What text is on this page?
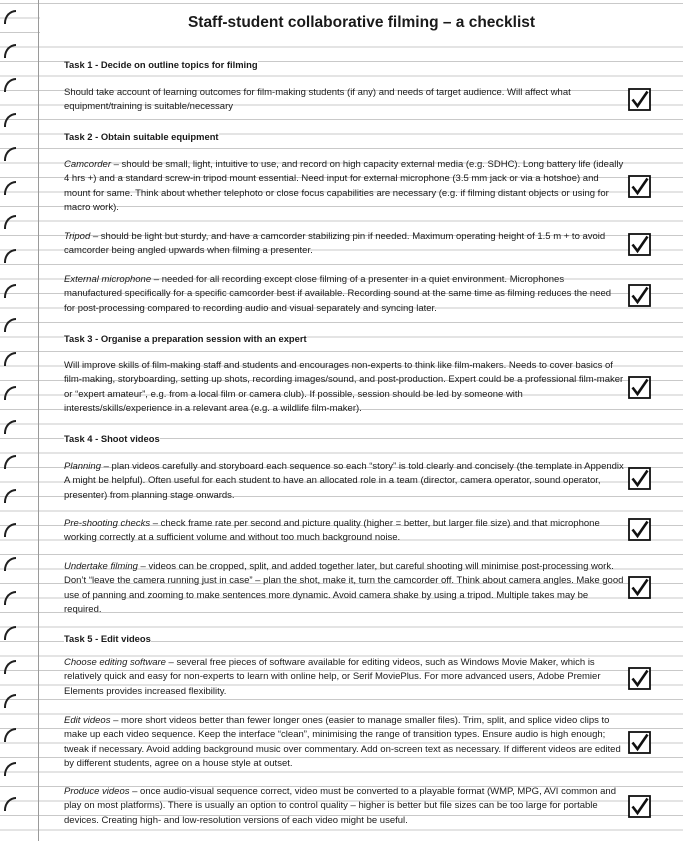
Staff-student collaborative filming – a checklist
Task 1 - Decide on outline topics for filming
Should take account of learning outcomes for film-making students (if any) and needs of target audience. Will affect what equipment/training is suitable/necessary
Task 2 - Obtain suitable equipment
Camcorder – should be small, light, intuitive to use, and record on high capacity external media (e.g. SDHC). Long battery life (ideally 4 hrs +) and a standard screw-in tripod mount essential. Need input for external microphone (3.5 mm jack or via a hotshoe) and mount for same. Think about whether telephoto or close focus capabilities are necessary (e.g. if filming distant objects or using for macro work).
Tripod – should be light but sturdy, and have a camcorder stabilizing pin if needed. Maximum operating height of 1.5 m + to avoid camcorder being angled upwards when filming a presenter.
External microphone – needed for all recording except close filming of a presenter in a quiet environment. Microphones manufactured specifically for a specific camcorder best if available. Recording sound at the same time as filming reduces the need for post-processing compared to recording audio and visual separately and syncing later.
Task 3 - Organise a preparation session with an expert
Will improve skills of film-making staff and students and encourages non-experts to think like film-makers. Needs to cover basics of film-making, storyboarding, setting up shots, recording images/sound, and post-production. Expert could be a professional film-maker or “expert amateur”, e.g. from a local film or camera club). If possible, session should be led by someone with interests/skills/experience in a relevant area (e.g. a wildlife film-maker).
Task 4 - Shoot videos
Planning – plan videos carefully and storyboard each sequence so each “story” is told clearly and concisely (the template in Appendix A might be helpful). Often useful for each student to have an allocated role in a team (director, camera operator, sound operator, presenter) from planning stage onwards.
Pre-shooting checks – check frame rate per second and picture quality (higher = better, but larger file size) and that microphone working correctly at a sufficient volume and without too much background noise.
Undertake filming – videos can be cropped, split, and added together later, but careful shooting will minimise post-processing work. Don’t “leave the camera running just in case” – plan the shot, make it, turn the camcorder off. Think about camera angles. Make good use of panning and zooming to make sentences more dynamic. Avoid camera shake by using a tripod. Multiple takes may be required.
Task 5 - Edit videos
Choose editing software – several free pieces of software available for editing videos, such as Windows Movie Maker, which is relatively quick and easy for non-experts to learn with online help, or Serif MoviePlus. For more advanced users, Adobe Premier Elements provides increased flexibility.
Edit videos – more short videos better than fewer longer ones (easier to manage smaller files). Trim, split, and splice video clips to make up each video sequence. Keep the interface “clean”, minimising the range of transition types. Ensure audio is high enough; tweak if necessary. Avoid adding background music over commentary. Add on-screen text as necessary. If different videos are edited by different students, agree on a house style at outset.
Produce videos – once audio-visual sequence correct, video must be converted to a playable format (WMP, MPG, AVI common and play on most platforms). There is usually an option to control quality – higher is better but file sizes can be too large for portable devices. Creating high- and low-resolution versions of each video might be useful.
